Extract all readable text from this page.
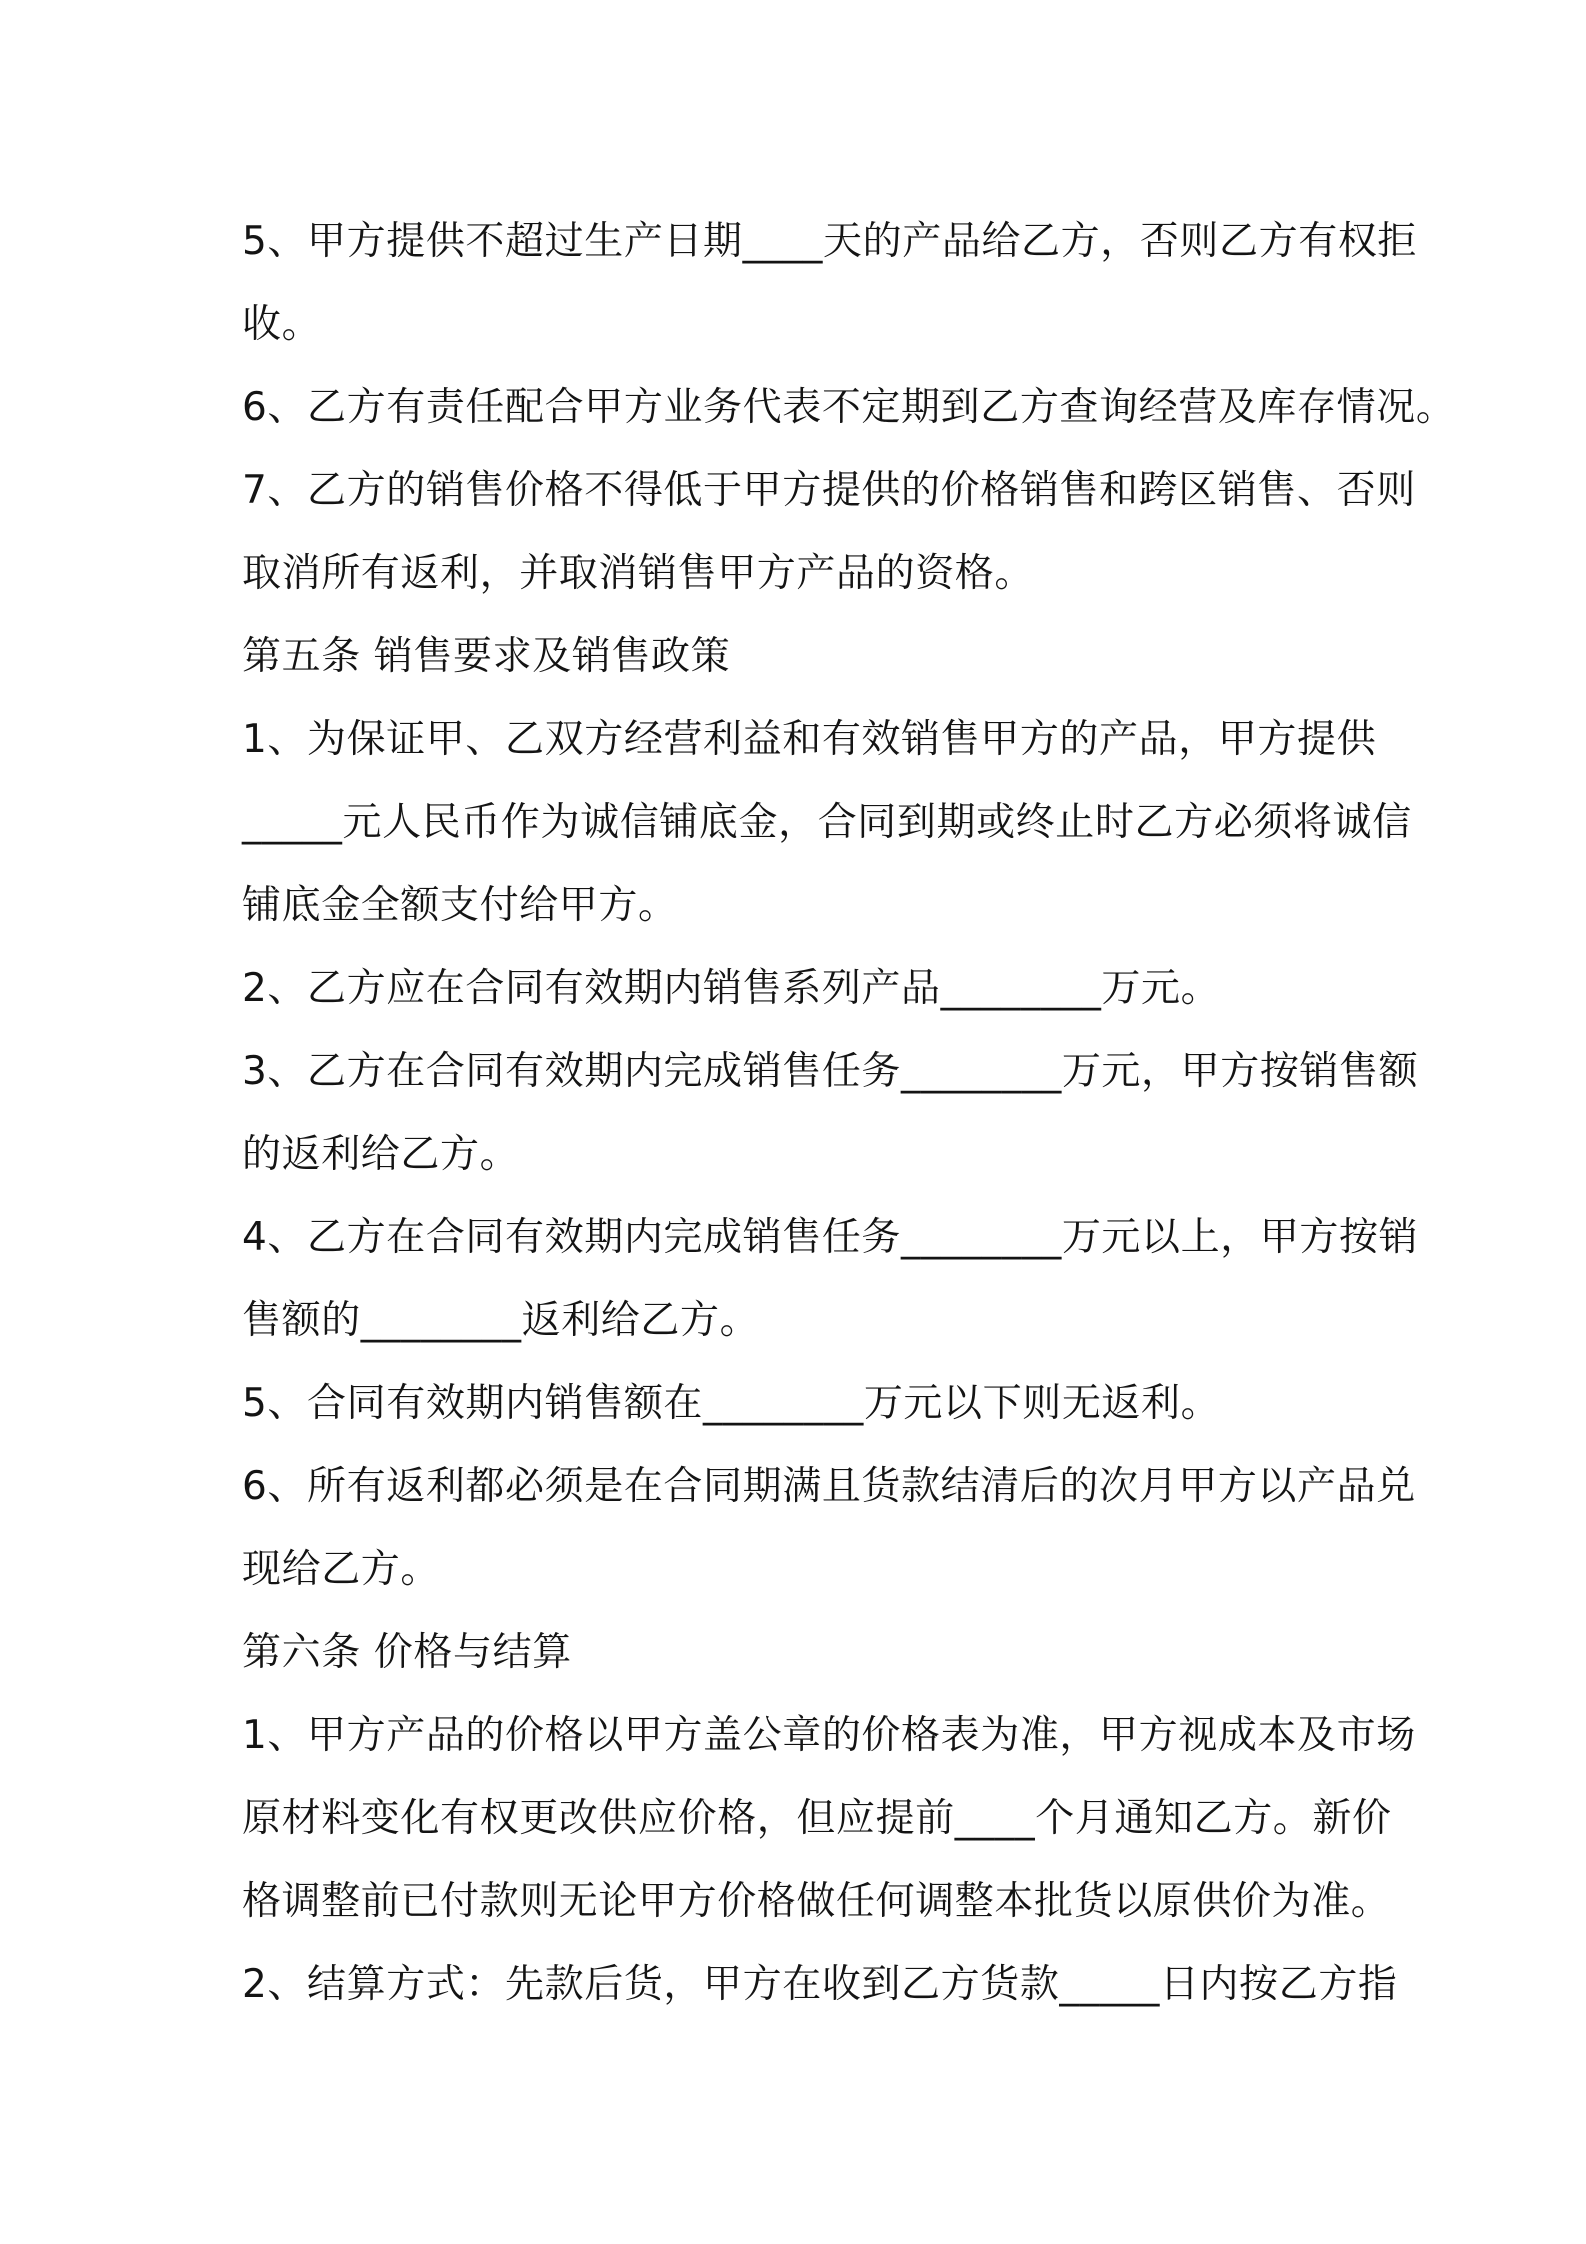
5、甲方提供不超过生产日期____天的产品给乙方，否则乙方有权拒
收。

6、乙方有责任配合甲方业务代表不定期到乙方查询经营及库存情况。

7、乙方的销售价格不得低于甲方提供的价格销售和跨区销售、否则
取消所有返利，并取消销售甲方产品的资格。

第五条 销售要求及销售政策

1、为保证甲、乙双方经营利益和有效销售甲方的产品，甲方提供
_____元人民币作为诚信铺底金，合同到期或终止时乙方必须将诚信
铺底金全额支付给甲方。

2、乙方应在合同有效期内销售系列产品________万元。

3、乙方在合同有效期内完成销售任务________万元，甲方按销售额
的返利给乙方。

4、乙方在合同有效期内完成销售任务________万元以上，甲方按销
售额的________返利给乙方。

5、合同有效期内销售额在________万元以下则无返利。

6、所有返利都必须是在合同期满且货款结清后的次月甲方以产品兑
现给乙方。

第六条 价格与结算

1、甲方产品的价格以甲方盖公章的价格表为准，甲方视成本及市场
原材料变化有权更改供应价格，但应提前____个月通知乙方。新价
格调整前已付款则无论甲方价格做任何调整本批货以原供价为准。

2、结算方式：先款后货，甲方在收到乙方货款_____日内按乙方指
